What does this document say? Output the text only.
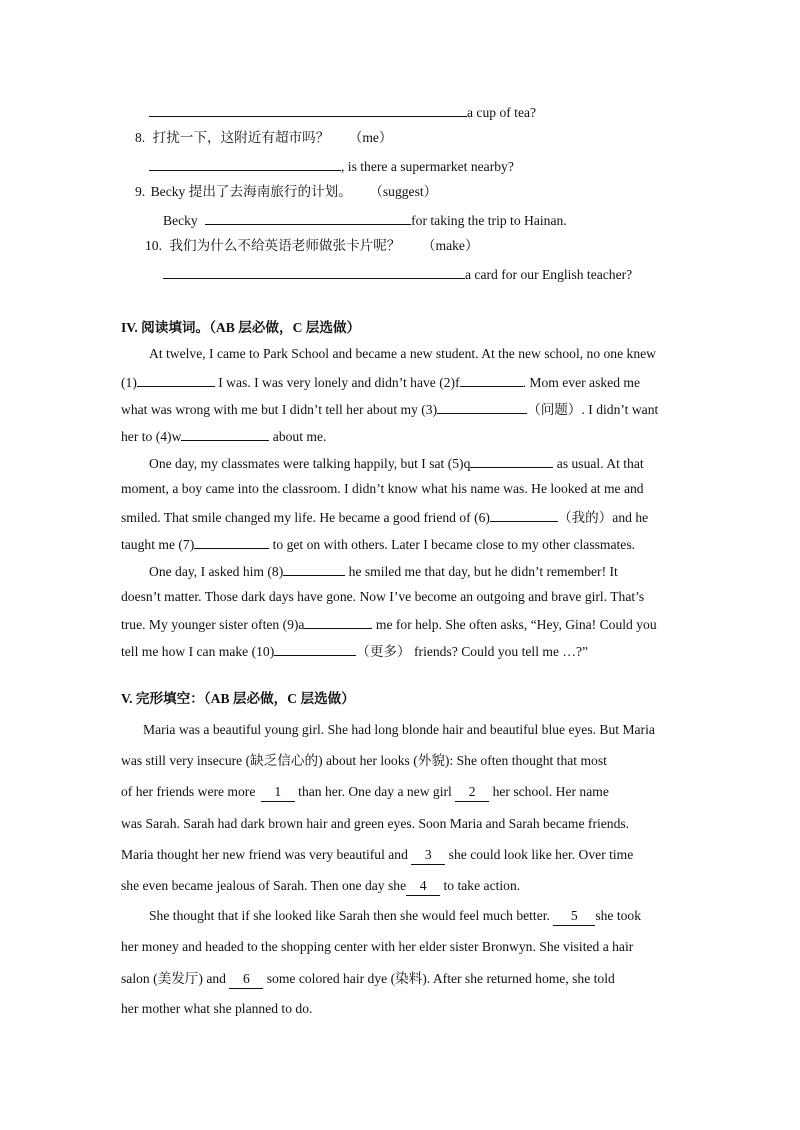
a cup of tea?
8. 打扰一下，这附近有超市吗？ （me）
, is there a supermarket nearby?
9. Becky 提出了去海南旅行的计划。 （suggest）
Becky	for taking the trip to Hainan.
10. 我们为什么不给英语老师做张卡片呢？ （make）
a card for our English teacher?
IV. 阅读填词。（AB 层必做，C 层选做）
At twelve, I came to Park School and became a new student. At the new school, no one knew
(1)	I was. I was very lonely and didn’t have (2)f	. Mom ever asked me
what was wrong with me but I didn’t tell her about my (3)	（问题）. I didn’t want
her to (4)w	about me.
One day, my classmates were talking happily, but I sat (5)q	as usual. At that
moment, a boy came into the classroom. I didn’t know what his name was. He looked at me and
smiled. That smile changed my life. He became a good friend of (6)	（我的）and he
taught me (7)	to get on with others. Later I became close to my other classmates.
One day, I asked him (8)	he smiled me that day, but he didn’t remember! It
doesn’t matter. Those dark days have gone. Now I’ve become an outgoing and brave girl. That’s
true. My younger sister often (9)a	me for help. She often asks, “Hey, Gina! Could you
tell me how I can make (10)	（更多） friends? Could you tell me …?”
V. 完形填空：（AB 层必做，C 层选做）
Maria was a beautiful young girl. She had long blonde hair and beautiful blue eyes. But Maria
was still very insecure (缺乏信心的) about her looks (外貌): She often thought that most
of her friends were more 1 than her. One day a new girl 2 her school. Her name
was Sarah. Sarah had dark brown hair and green eyes. Soon Maria and Sarah became friends.
Maria thought her new friend was very beautiful and 3 she could look like her. Over time
she even became jealous of Sarah. Then one day she 4 to take action.
She thought that if she looked like Sarah then she would feel much better. 5 she took
her money and headed to the shopping center with her elder sister Bronwyn. She visited a hair
salon (美发厅) and 6 some colored hair dye (染料). After she returned home, she told
her mother what she planned to do.
